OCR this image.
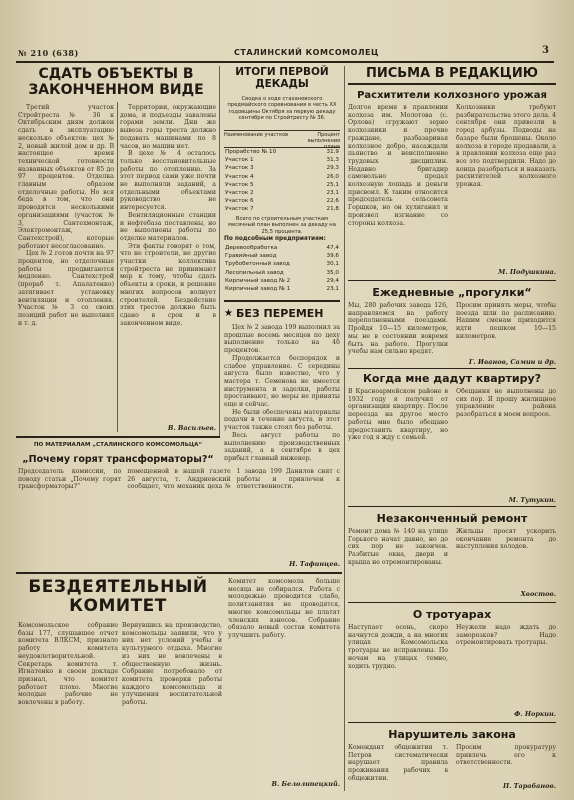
№ 210 (638)	СТАЛИНСКИЙ КОМСОМОЛЕЦ	3
СДАТЬ ОБЪЕКТЫ В ЗАКОНЧЕННОМ ВИДЕ

Третий участок Стройтреста № 36 к Октябрьским дням должен сдать в эксплуатацию несколько объектов: цех № 2, новый жилой дом и др. В настоящее время технической готовности названных объектов от 85 до 97 процентов. Отделка главным образом отделочные работы. Но вся беда в том, что они проводятся несколькими организациями (участок № 3, Сантехмонтаж, Электромонтаж, Сантехстрой), которые работают несогласованно.

Цех № 2 готов почти на 97 процентов, но отделочные работы продвигаются медленно. Сантехстрой (прораб т. Апалатенко) затягивает установку вентиляции и отопления. Участок № 3 со своих позиций работ не выполнил и т. д.

Территории, окружающие дома, и подъезды завалены горами земли. Дни же вывоза горы треста должно подавать машинами по 8 часов, но машин нет.

В цехе № 4 осталось только восстановительные работы по отоплению. За этот период сами уже почти не выполняли заданий, а отдельными объектами руководство не интересуется.

Вентиляционные станции и нефтебаза поставлены, но не выполнены работы по отделке материалов.

Эти факты говорят о том, что не строители, не другие участки коллектива стройтреста не принимают мер к тому, чтобы сдать объекты в сроки, и решение многих вопросов волнует строителей. Бездействие этих трестов должно быть сдано в срок и в законченном виде.

В. Васильев.
ИТОГИ ПЕРВОЙ ДЕКАДЫ
Сводка о ходе стахановского предмайского соревнования в честь XX годовщины Октября за первую декаду сентября по Стройтресту № 36.
Наименование участков	Процент выполнения плана
Прорабство № 10	31,9
Участок 1	31,3
Участок 3	29,3
Участок 4	26,0
Участок 5	25,1
Участок 2	23,1
Участок 6	22,6
Участок 7	21,8
Всего по строительным участкам месячный план выполнен за декаду на 25,5 процента.
По подсобным предприятиям:
Деревообработка	47,4
Гравийный завод	39,6
Трубобетонный завод	30,1
Лесопильный завод	35,0
Кирпичный завод № 2	29,4
Кирпичный завод № 1	23,1
★ БЕЗ ПЕРЕМЕН

Цех № 2 завода 199 выполнил за прошлые восемь месяцев по цеху выполнение только на 46 процентов.

Продолжается беспорядок и слабое управление. С середины августа было известно, что у мастера т. Семенова не имеется инструмента и заделки, работы простаивают, но меры не приняты еще и сейчас.

Не были обеспечены материалы подачи в течение августа, и этот участок также стоял без работы.

Весь август работы по выполнению производственных заданий, а в сентябре в цех прибыл главный инженер.

Н. Тафинцев.
ПИСЬМА В РЕДАКЦИЮ
Расхитители колхозного урожая
Долгое время в правлении колхоза им. Молотова (с. Орлова) сгружают зерно колхозники и прочие граждане, разбазаривая колхозное добро, насаждали пьянство и неисполнение трудовых дисциплин. Недавно бригадир самовольно продал колхозную лошадь и деньги присвоил. К таким относится председатель сельсовета Горшков, но он хулиганил и произвел изгнание со стороны колхоза.
Колхозники требуют разбирательства этого дела. 4 сентября они привезли в город арбузы. Подводы на базаре были брошены. Около колхоза в городе продавали, а в правлении колхоза еще раз все это подтвердили. Надо до конца разобраться и наказать расхитителей колхозного урожая.
М. Подушкина.
Ежедневные „прогулки“
Мы, 280 рабочих завода 126, направляемся на работу переполненными поездами. Пройдя 10—15 километров, мы не в состоянии вовремя быть на работе. Прогулки учебы нам сильно вредят.
Просим принять меры, чтобы поезда шли по расписанию. Нашим сменам приходится идти пешком 10—15 километров.
Г. Иванов, Самин и др.
Когда мне дадут квартиру?
В Красноармейском районе в 1932 году я получил от организации квартиру. После переезда на другое место работы мне было обещано предоставить квартиру, но уже год я жду с семьей.
Обещания не выполнены до сих пор. Я прошу жилищное управление района разобраться в моем вопросе.
М. Тутукин.
Незаконченный ремонт
Ремонт дома № 140 на улице Горького начат давно, но до сих пор не закончен. Разбитые окна, двери и крыша не отремонтированы.
Жильцы просят ускорить окончание ремонта до наступления холодов.
Хвостов.
О тротуарах
Наступает осень, скоро начнутся дожди, а на многих улицах Комсомольска тротуары не исправлены. По ночам на улицах темно, ходить трудно.
Неужели надо ждать до заморозков? Надо отремонтировать тротуары.
Ф. Норкин.
Нарушитель закона
Комендант общежития т. Петров систематически нарушает правила проживания рабочих в общежитии.
Просим прокуратуру привлечь его к ответственности.
П. Тарабанов.
ПО МАТЕРИАЛАМ „СТАЛИНСКОГО КОМСОМОЛЬЦА“
„Почему горят трансформаторы?“
Председатель комиссии, по поводу статьи „Почему горят трансформаторы?“ помещенной в нашей газете 26 августа, т. Андриевский сообщает, что механик цеха № 1 завода 199 Данилов снят с работы и привлечен к ответственности.
БЕЗДЕЯТЕЛЬНЫЙ КОМИТЕТ
Комсомольское собрание базы 177, слушавшее отчет комитета ВЛКСМ, признало работу комитета неудовлетворительной. Секретарь комитета т. Игнатенко в своем докладе признал, что комитет работает плохо. Многие молодые рабочие не вовлечены в работу.
Вернувшись на производство, комсомольцы заявили, что у них нет условий учебы и культурного отдыха. Многие из них не вовлечены в общественную жизнь. Собрание потребовало от комитета проверки работы каждого комсомольца и улучшения воспитательной работы.
Комитет комсомола больше месяца не собирался. Работа с молодежью проводится слабо, политзанятия не проводятся, многие комсомольцы не платят членских взносов. Собрание обязало новый состав комитета улучшить работу.
В. Белолипецкий.
